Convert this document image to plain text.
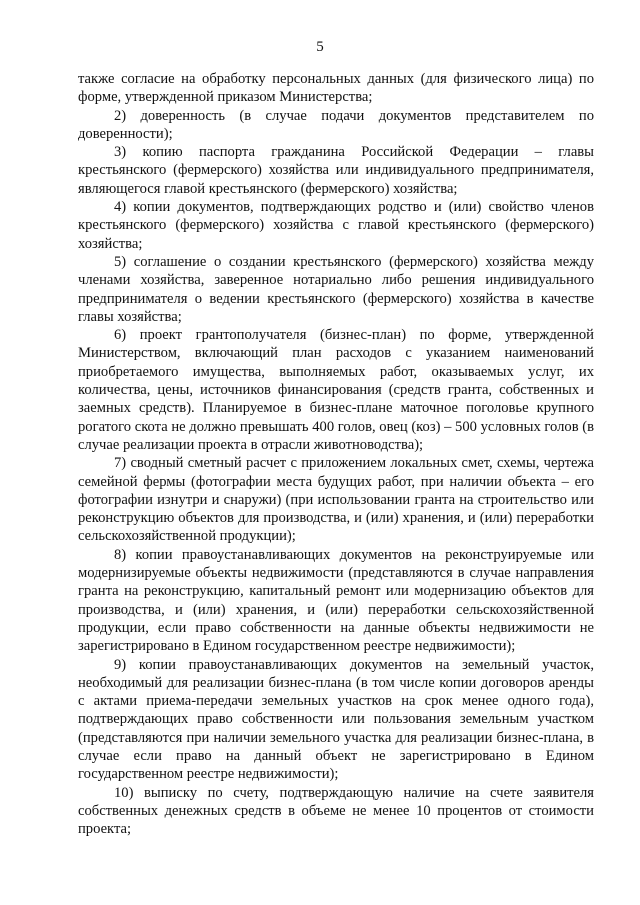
5

также согласие на обработку персональных данных (для физического лица) по форме, утвержденной приказом Министерства;

2) доверенность (в случае подачи документов представителем по доверенности);

3) копию паспорта гражданина Российской Федерации – главы крестьянского (фермерского) хозяйства или индивидуального предпринимателя, являющегося главой крестьянского (фермерского) хозяйства;

4) копии документов, подтверждающих родство и (или) свойство членов крестьянского (фермерского) хозяйства с главой крестьянского (фермерского) хозяйства;

5) соглашение о создании крестьянского (фермерского) хозяйства между членами хозяйства, заверенное нотариально либо решения индивидуального предпринимателя о ведении крестьянского (фермерского) хозяйства в качестве главы хозяйства;

6) проект грантополучателя (бизнес-план) по форме, утвержденной Министерством, включающий план расходов с указанием наименований приобретаемого имущества, выполняемых работ, оказываемых услуг, их количества, цены, источников финансирования (средств гранта, собственных и заемных средств). Планируемое в бизнес-плане маточное поголовье крупного рогатого скота не должно превышать 400 голов, овец (коз) – 500 условных голов (в случае реализации проекта в отрасли животноводства);

7) сводный сметный расчет с приложением локальных смет, схемы, чертежа семейной фермы (фотографии места будущих работ, при наличии объекта – его фотографии изнутри и снаружи) (при использовании гранта на строительство или реконструкцию объектов для производства, и (или) хранения, и (или) переработки сельскохозяйственной продукции);

8) копии правоустанавливающих документов на реконструируемые или модернизируемые объекты недвижимости (представляются в случае направления гранта на реконструкцию, капитальный ремонт или модернизацию объектов для производства, и (или) хранения, и (или) переработки сельскохозяйственной продукции, если право собственности на данные объекты недвижимости не зарегистрировано в Едином государственном реестре недвижимости);

9) копии правоустанавливающих документов на земельный участок, необходимый для реализации бизнес-плана (в том числе копии договоров аренды с актами приема-передачи земельных участков на срок менее одного года), подтверждающих право собственности или пользования земельным участком (представляются при наличии земельного участка для реализации бизнес-плана, в случае если право на данный объект не зарегистрировано в Едином государственном реестре недвижимости);

10) выписку по счету, подтверждающую наличие на счете заявителя собственных денежных средств в объеме не менее 10 процентов от стоимости проекта;
